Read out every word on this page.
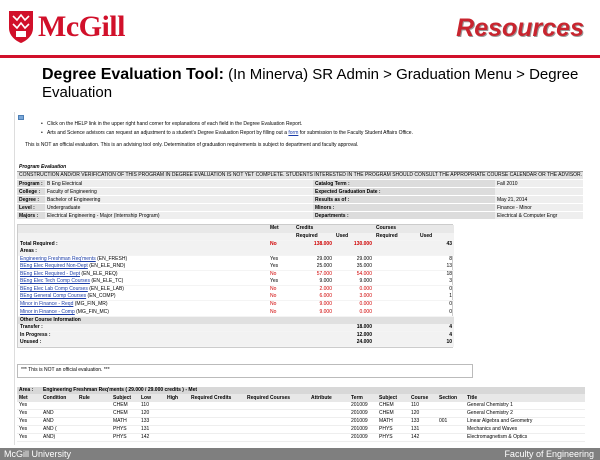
McGill	Resources
Degree Evaluation Tool: (In Minerva) SR Admin > Graduation Menu > Degree Evaluation
• Click on the HELP link in the upper right hand corner for explanations of each field in the Degree Evaluation Report.
• Arts and Science advisors can request an adjustment to a student's Degree Evaluation Report by filling out a form for submission to the Faculty Student Affairs Office.
This is NOT an official evaluation. This is an advising tool only. Determination of graduation requirements is subject to department and faculty approval.
Program Evaluation
CONSTRUCTION AND/OR VERIFICATION OF THIS PROGRAM IN DEGREE EVALUATION IS NOT YET COMPLETE. STUDENTS INTERESTED IN THE PROGRAM SHOULD CONSULT THE APPROPRIATE COURSE CALENDAR OR THE ADVISOR.
Program : B Eng Electrical	Catalog Term :	Fall 2010
College :	Faculty of Engineering	Expected Graduation Date :
Degree :	Bachelor of Engineering	Results as of :	May 21, 2014
Level :	Undergraduate	Minors :	Finance - Minor
Majors :	Electrical Engineering - Major (Internship Program)	Departments :	Electrical & Computer Engr
	Met	Credits		Courses	
		Required	Used	Required	Used
Total Required :	No	138.000	130.000		43
Areas :					
Engineering Freshman Req'ments (EN_FRESH)	Yes	29.000	29.000		8
BEng Elec Required Non-Dept (EN_ELE_RND)	Yes	25.000	35.000		13
BEng Elec Required - Dept (EN_ELE_REQ)	No	57.000	54.000		18
BEng Elec Tech Comp Courses (EN_ELE_TC)	Yes	9.000	9.000		3
BEng Elec Lab Comp Courses (EN_ELE_LAB)	No	2.000	0.000		0
BEng General Comp Courses (EN_COMP)	No	6.000	3.000		1
Minor in Finance - Reqd (MG_FIN_MR)	No	9.000	0.000		0
Minor in Finance - Comp (MG_FIN_MC)	No	9.000	0.000		0
Other Course Information					
Transfer :			18.000		4
In Progress :			12.000		4
Unused :			24.000		10
*** This is NOT an official evaluation. ***
Area :	Engineering Freshman Req'ments ( 29.000 / 29.000 credits ) - Met												
Met	Condition	Rule	Subject	Low	High	Required Credits	Required Courses	Attribute	Term	Subject	Course	Section	Title
Yes			CHEM	110					201009	CHEM	110		General Chemistry 1
Yes	AND		CHEM	120					201009	CHEM	120		General Chemistry 2
Yes	AND		MATH	133					201009	MATH	133	001	Linear Algebra and Geometry
Yes	AND (		PHYS	131					201009	PHYS	131		Mechanics and Waves
Yes	AND)		PHYS	142					201009	PHYS	142		Electromagnetism & Optics
McGill University	Faculty of Engineering
